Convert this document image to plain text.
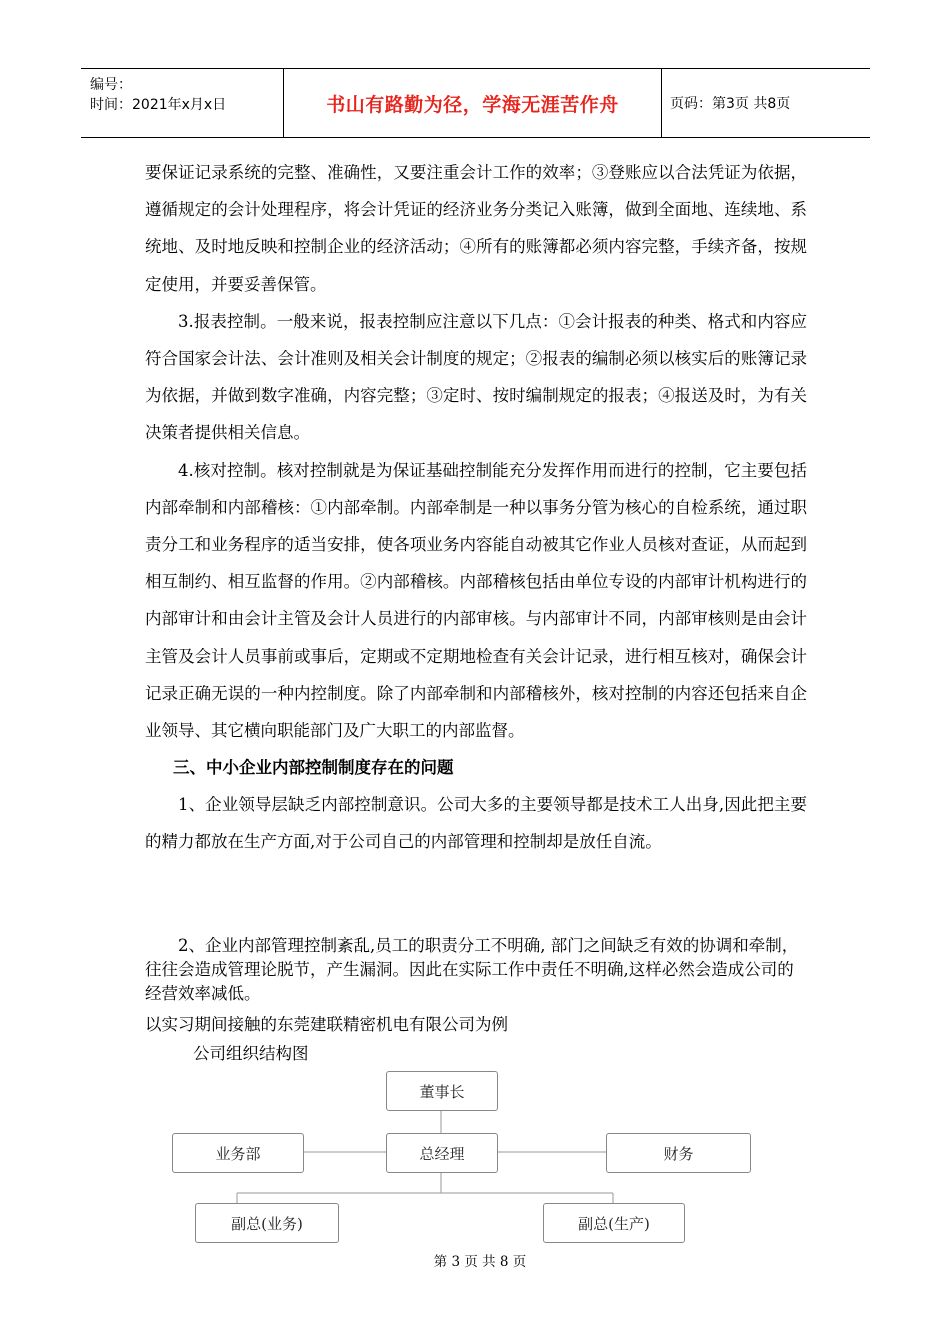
编号：
时间：2021年x月x日	书山有路勤为径，学海无涯苦作舟	页码：第3页 共8页

要保证记录系统的完整、准确性，又要注重会计工作的效率；③登账应以合法凭证为依据，遵循规定的会计处理程序，将会计凭证的经济业务分类记入账簿，做到全面地、连续地、系统地、及时地反映和控制企业的经济活动；④所有的账簿都必须内容完整，手续齐备，按规定使用，并要妥善保管。

3.报表控制。一般来说，报表控制应注意以下几点：①会计报表的种类、格式和内容应符合国家会计法、会计准则及相关会计制度的规定；②报表的编制必须以核实后的账簿记录为依据，并做到数字准确，内容完整；③定时、按时编制规定的报表；④报送及时，为有关决策者提供相关信息。

4.核对控制。核对控制就是为保证基础控制能充分发挥作用而进行的控制，它主要包括内部牵制和内部稽核：①内部牵制。内部牵制是一种以事务分管为核心的自检系统，通过职责分工和业务程序的适当安排，使各项业务内容能自动被其它作业人员核对查证，从而起到相互制约、相互监督的作用。②内部稽核。内部稽核包括由单位专设的内部审计机构进行的内部审计和由会计主管及会计人员进行的内部审核。与内部审计不同，内部审核则是由会计主管及会计人员事前或事后，定期或不定期地检查有关会计记录，进行相互核对，确保会计记录正确无误的一种内控制度。除了内部牵制和内部稽核外，核对控制的内容还包括来自企业领导、其它横向职能部门及广大职工的内部监督。

三、中小企业内部控制制度存在的问题

1、企业领导层缺乏内部控制意识。公司大多的主要领导都是技术工人出身,因此把主要的精力都放在生产方面,对于公司自己的内部管理和控制却是放任自流。

2、企业内部管理控制紊乱,员工的职责分工不明确, 部门之间缺乏有效的协调和牵制，往往会造成管理论脱节，产生漏洞。因此在实际工作中责任不明确,这样必然会造成公司的经营效率减低。
以实习期间接触的东莞建联精密机电有限公司为例
公司组织结构图
董事长
总经理
业务部	财务
副总(业务)	副总(生产)
第 3 页 共 8 页
